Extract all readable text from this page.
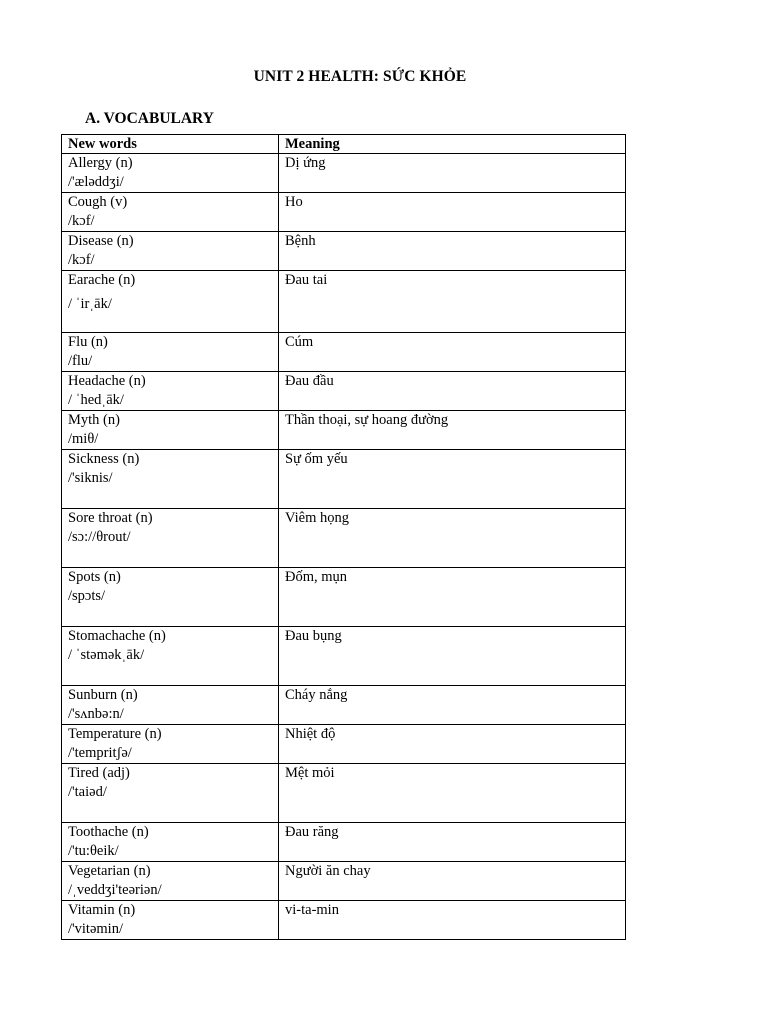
UNIT 2 HEALTH: SỨC KHỎE
A. VOCABULARY
New words	Meaning
Allergy (n)
/'ælәddʒi/	Dị ứng
Cough (v)
/kɔf/	Ho
Disease (n)
/kɔf/	Bệnh
Earache (n)
/ ˈirˌāk/	Đau tai
Flu (n)
/flu/	Cúm
Headache (n)
/ ˈhedˌāk/	Đau đầu
Myth (n)
/miθ/	Thần thoại, sự hoang đường
Sickness (n)
/'siknis/	Sự ốm yếu
Sore throat (n)
/sɔ://θrout/	Viêm họng
Spots (n)
/spɔts/	Đốm, mụn
Stomachache (n)
/ ˈstəməkˌāk/	Đau bụng
Sunburn (n)
/'sʌnbə:n/	Cháy nắng
Temperature (n)
/'tempritʃə/	Nhiệt độ
Tired (adj)
/'taiəd/	Mệt mỏi
Toothache (n)
/'tu:θeik/	Đau răng
Vegetarian (n)
/ˌveddʒi'teəriən/	Người ăn chay
Vitamin (n)
/'vitəmin/	vi-ta-min
